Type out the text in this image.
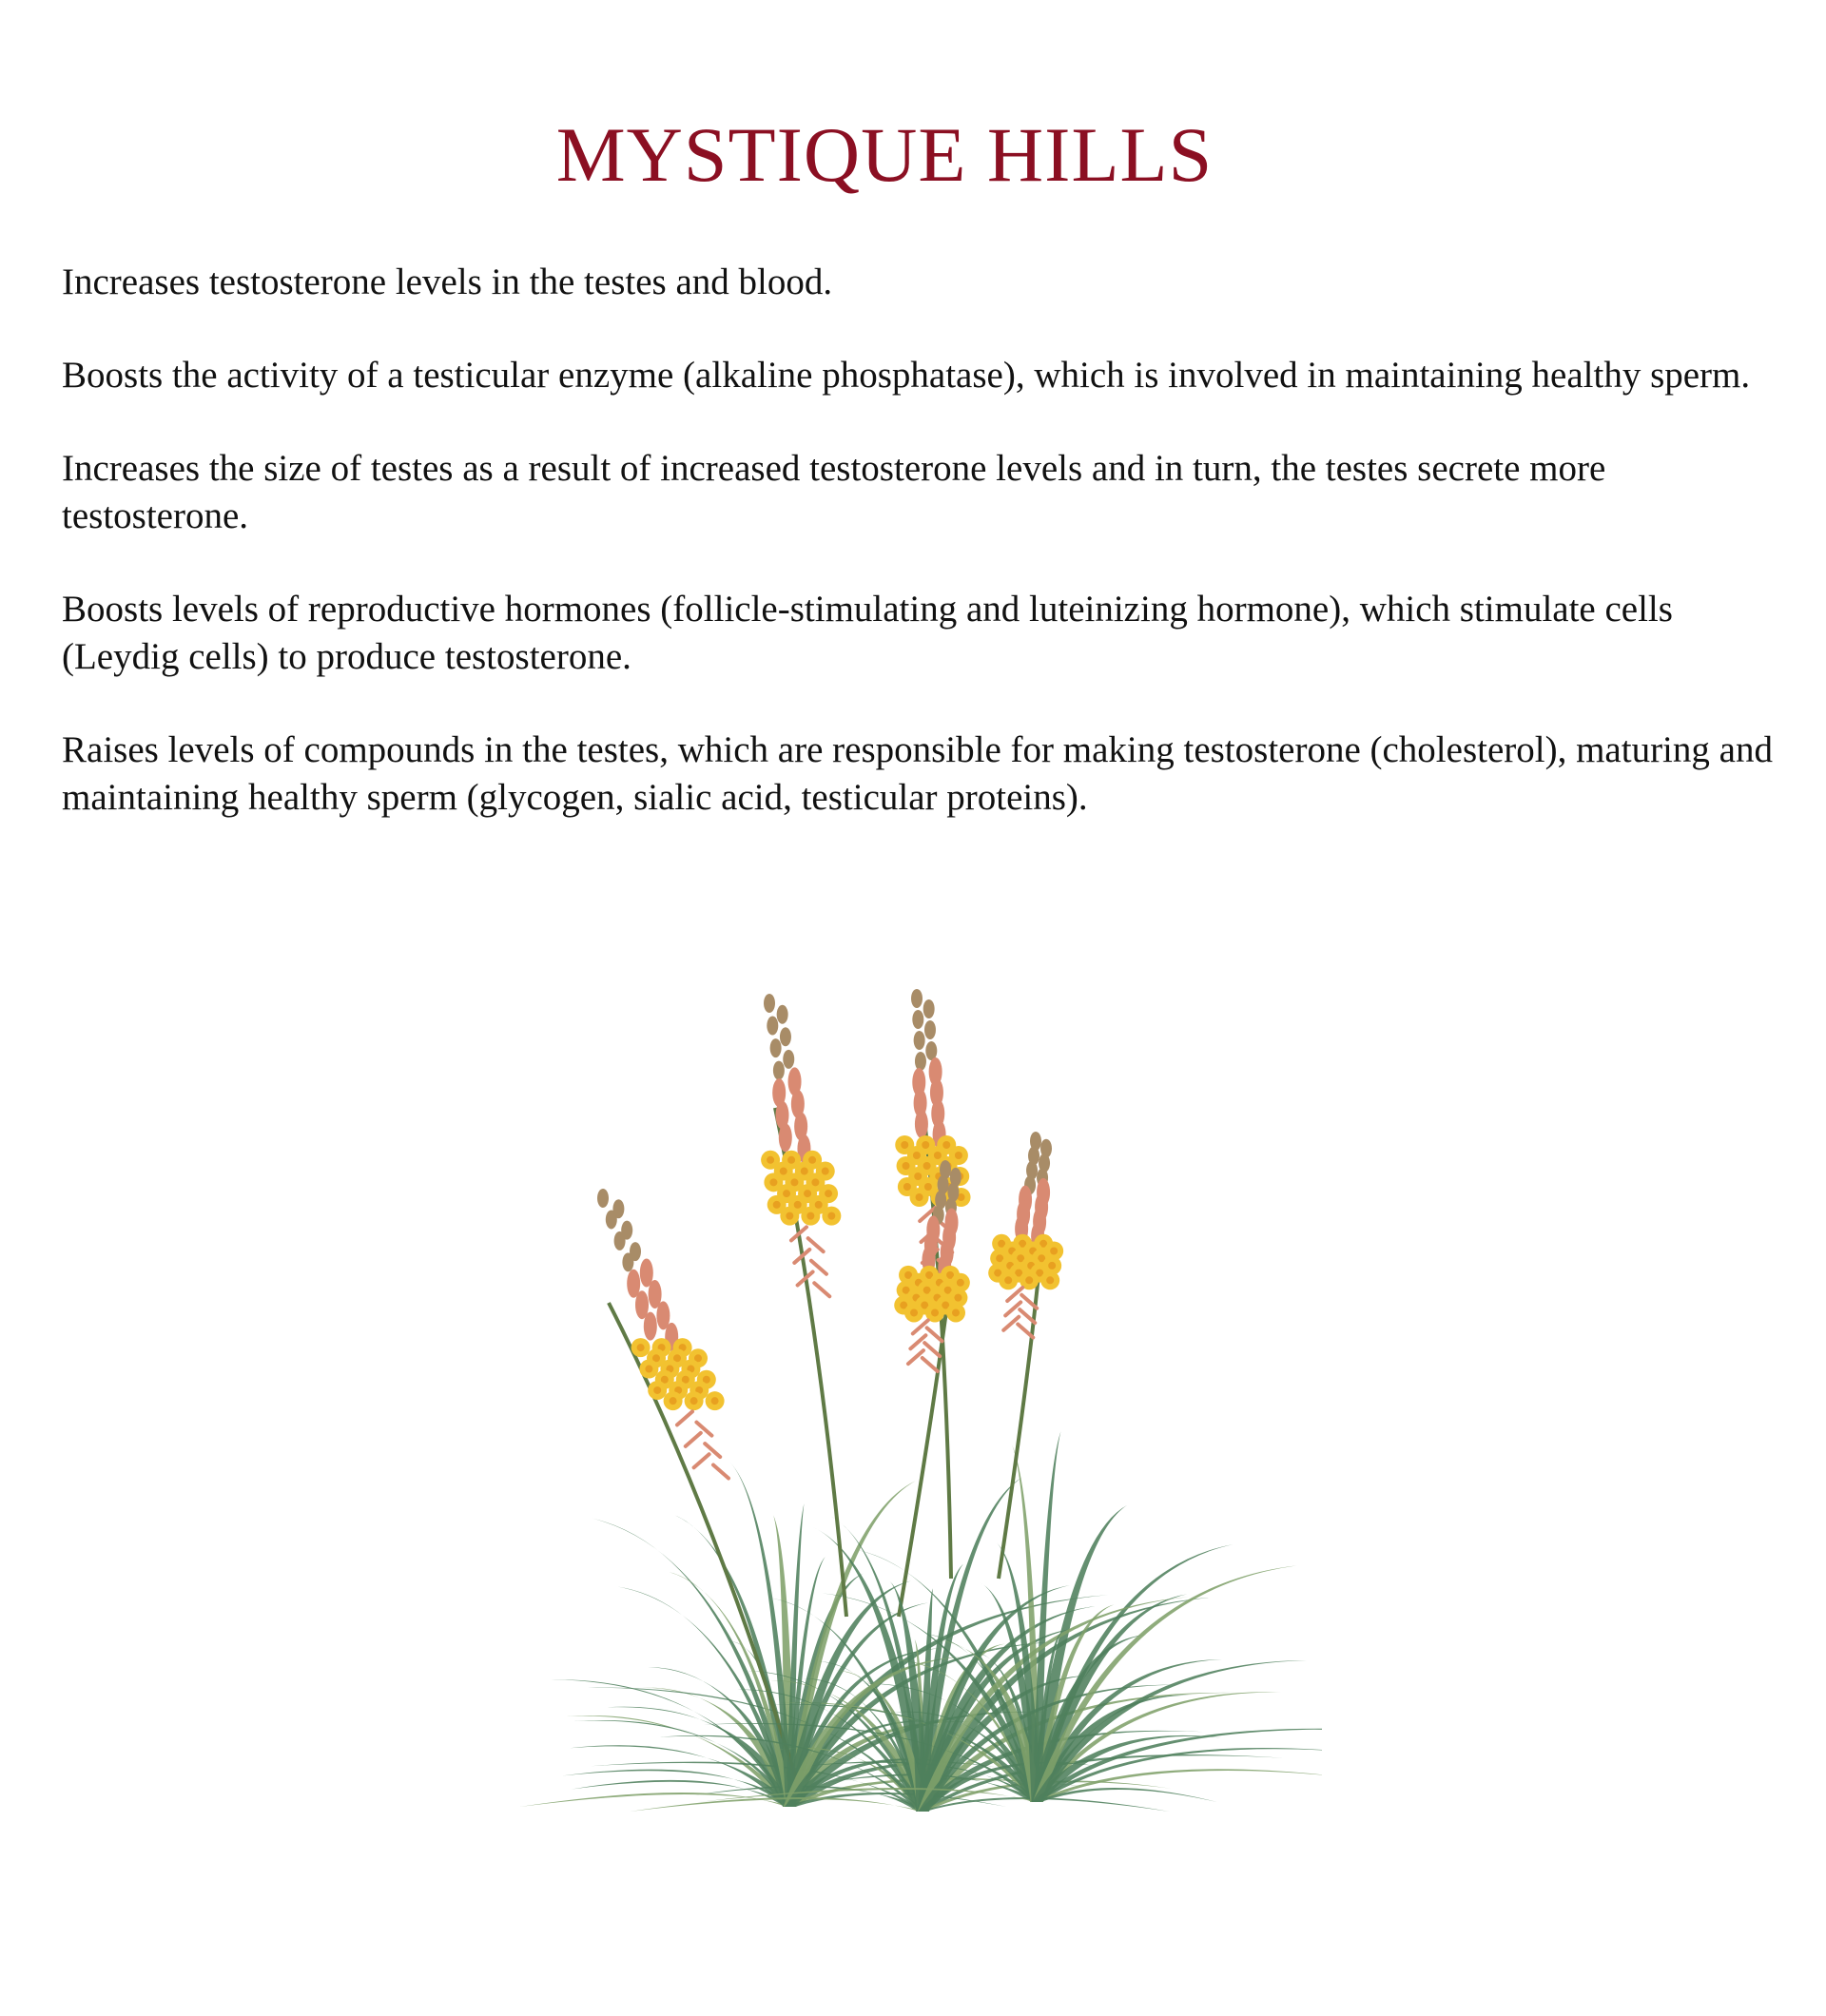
MYSTIQUE HILLS

Increases testosterone levels in the testes and blood.

Boosts the activity of a testicular enzyme (alkaline phosphatase), which is involved in maintaining healthy sperm.

Increases the size of testes as a result of increased testosterone levels and in turn, the testes secrete more testosterone.

Boosts levels of reproductive hormones (follicle-stimulating and luteinizing hormone), which stimulate cells (Leydig cells) to produce testosterone.

Raises levels of compounds in the testes, which are responsible for making testosterone (cholesterol), maturing and maintaining healthy sperm (glycogen, sialic acid, testicular proteins).
